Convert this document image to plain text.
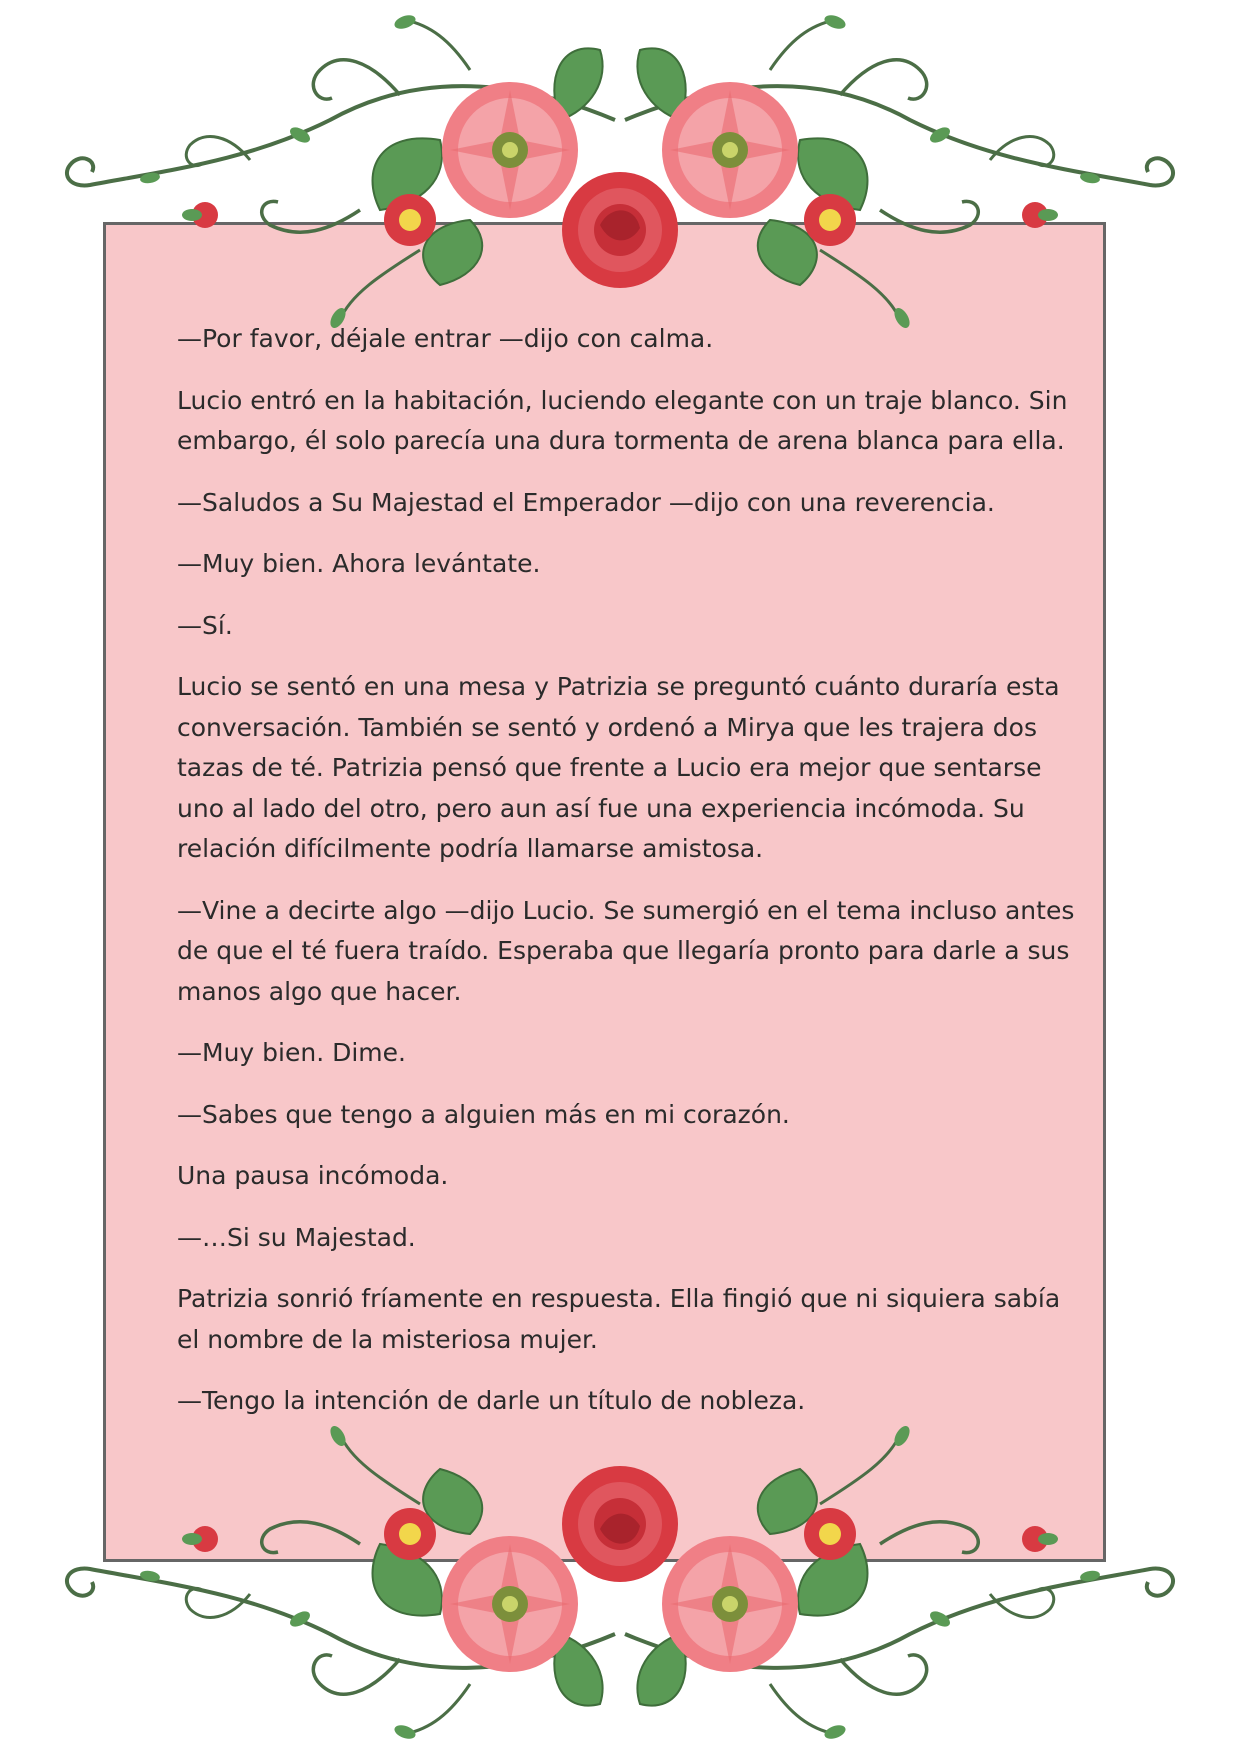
—Por favor, déjale entrar —dijo con calma.

Lucio entró en la habitación, luciendo elegante con un traje blanco. Sin embargo, él solo parecía una dura tormenta de arena blanca para ella.

—Saludos a Su Majestad el Emperador —dijo con una reverencia.

—Muy bien. Ahora levántate.

—Sí.

Lucio se sentó en una mesa y Patrizia se preguntó cuánto duraría esta conversación. También se sentó y ordenó a Mirya que les trajera dos tazas de té. Patrizia pensó que frente a Lucio era mejor que sentarse uno al lado del otro, pero aun así fue una experiencia incómoda. Su relación difícilmente podría llamarse amistosa.

—Vine a decirte algo —dijo Lucio. Se sumergió en el tema incluso antes de que el té fuera traído. Esperaba que llegaría pronto para darle a sus manos algo que hacer.

—Muy bien. Dime.

—Sabes que tengo a alguien más en mi corazón.

Una pausa incómoda.

—…Si su Majestad.

Patrizia sonrió fríamente en respuesta. Ella fingió que ni siquiera sabía el nombre de la misteriosa mujer.

—Tengo la intención de darle un título de nobleza.
